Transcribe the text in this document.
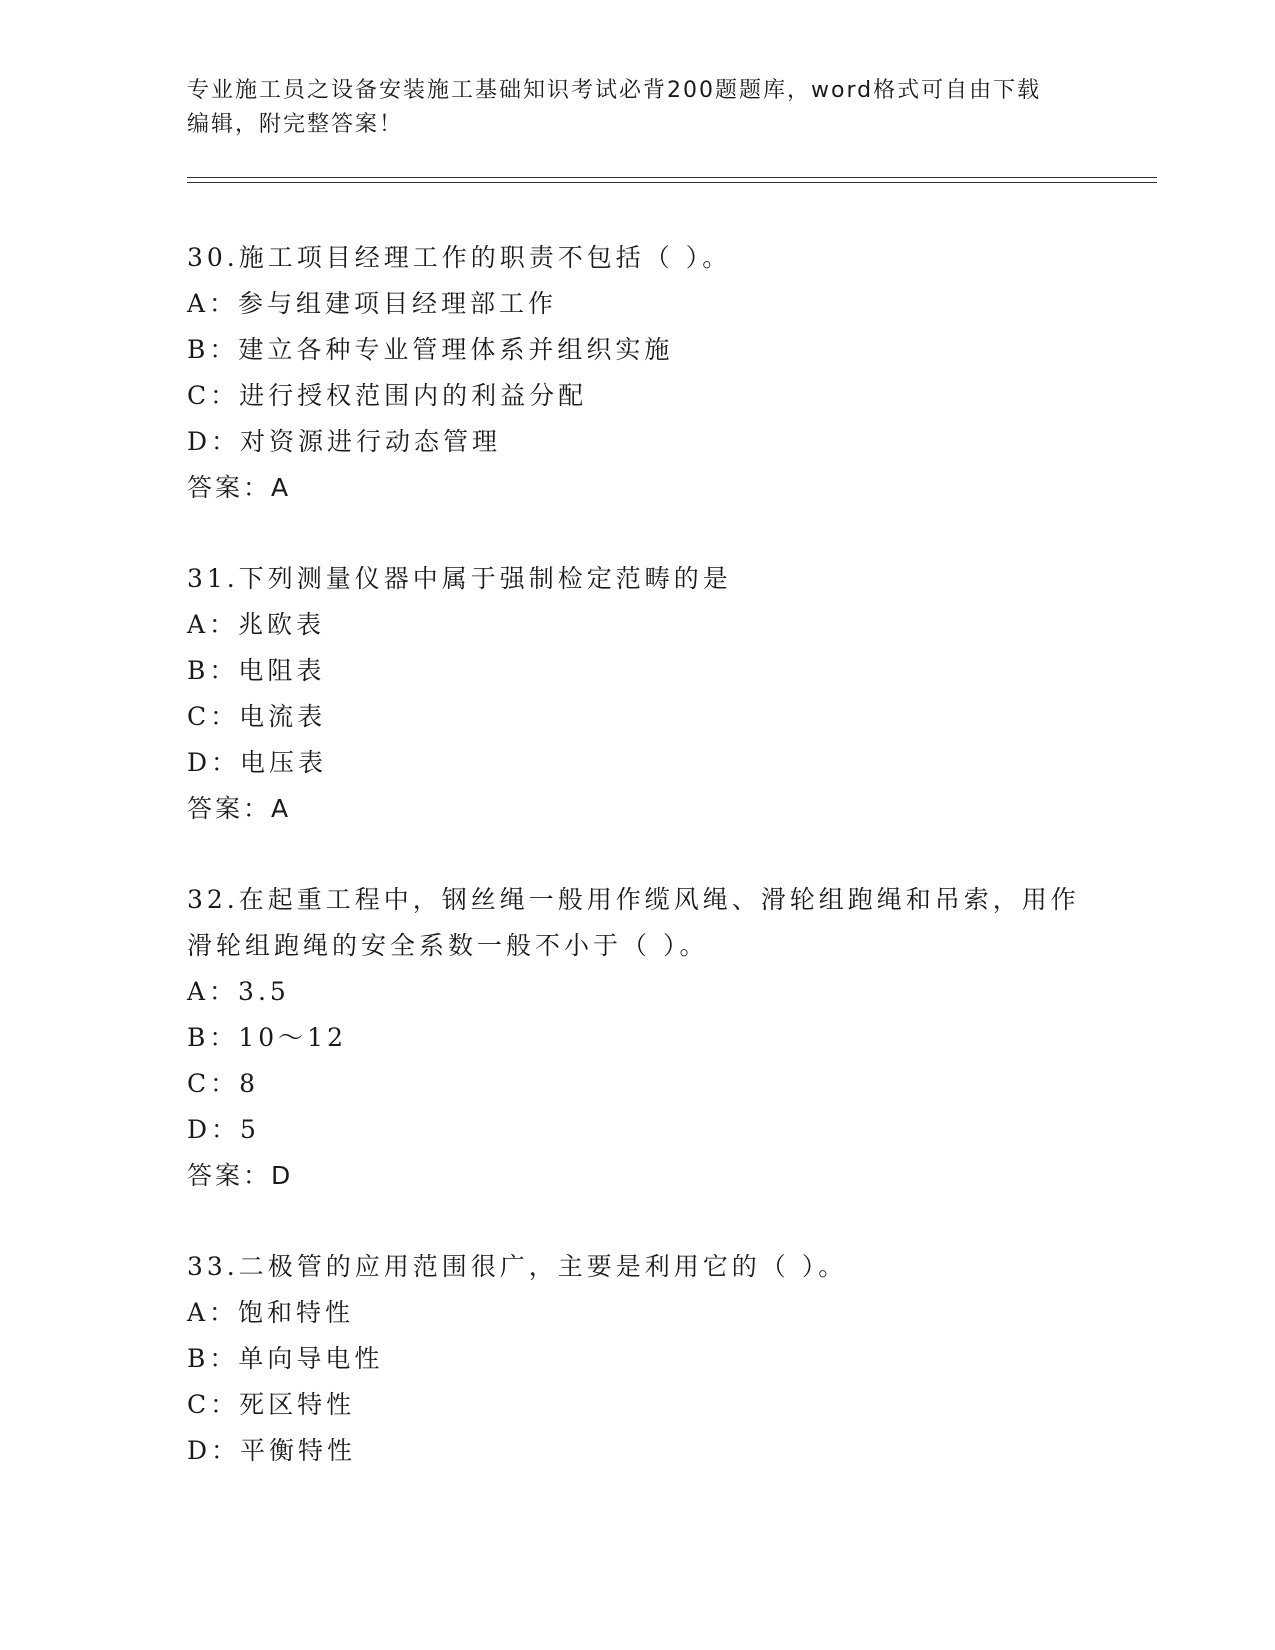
专业施工员之设备安装施工基础知识考试必背200题题库，word格式可自由下载
编辑，附完整答案！
30.施工项目经理工作的职责不包括（ ）。
A：参与组建项目经理部工作
B：建立各种专业管理体系并组织实施
C：进行授权范围内的利益分配
D：对资源进行动态管理
答案：A
31.下列测量仪器中属于强制检定范畴的是
A：兆欧表
B：电阻表
C：电流表
D：电压表
答案：A
32.在起重工程中，钢丝绳一般用作缆风绳、滑轮组跑绳和吊索，用作
滑轮组跑绳的安全系数一般不小于（ ）。
A：3.5
B：10～12
C：8
D：5
答案：D
33.二极管的应用范围很广，主要是利用它的（ ）。
A：饱和特性
B：单向导电性
C：死区特性
D：平衡特性
